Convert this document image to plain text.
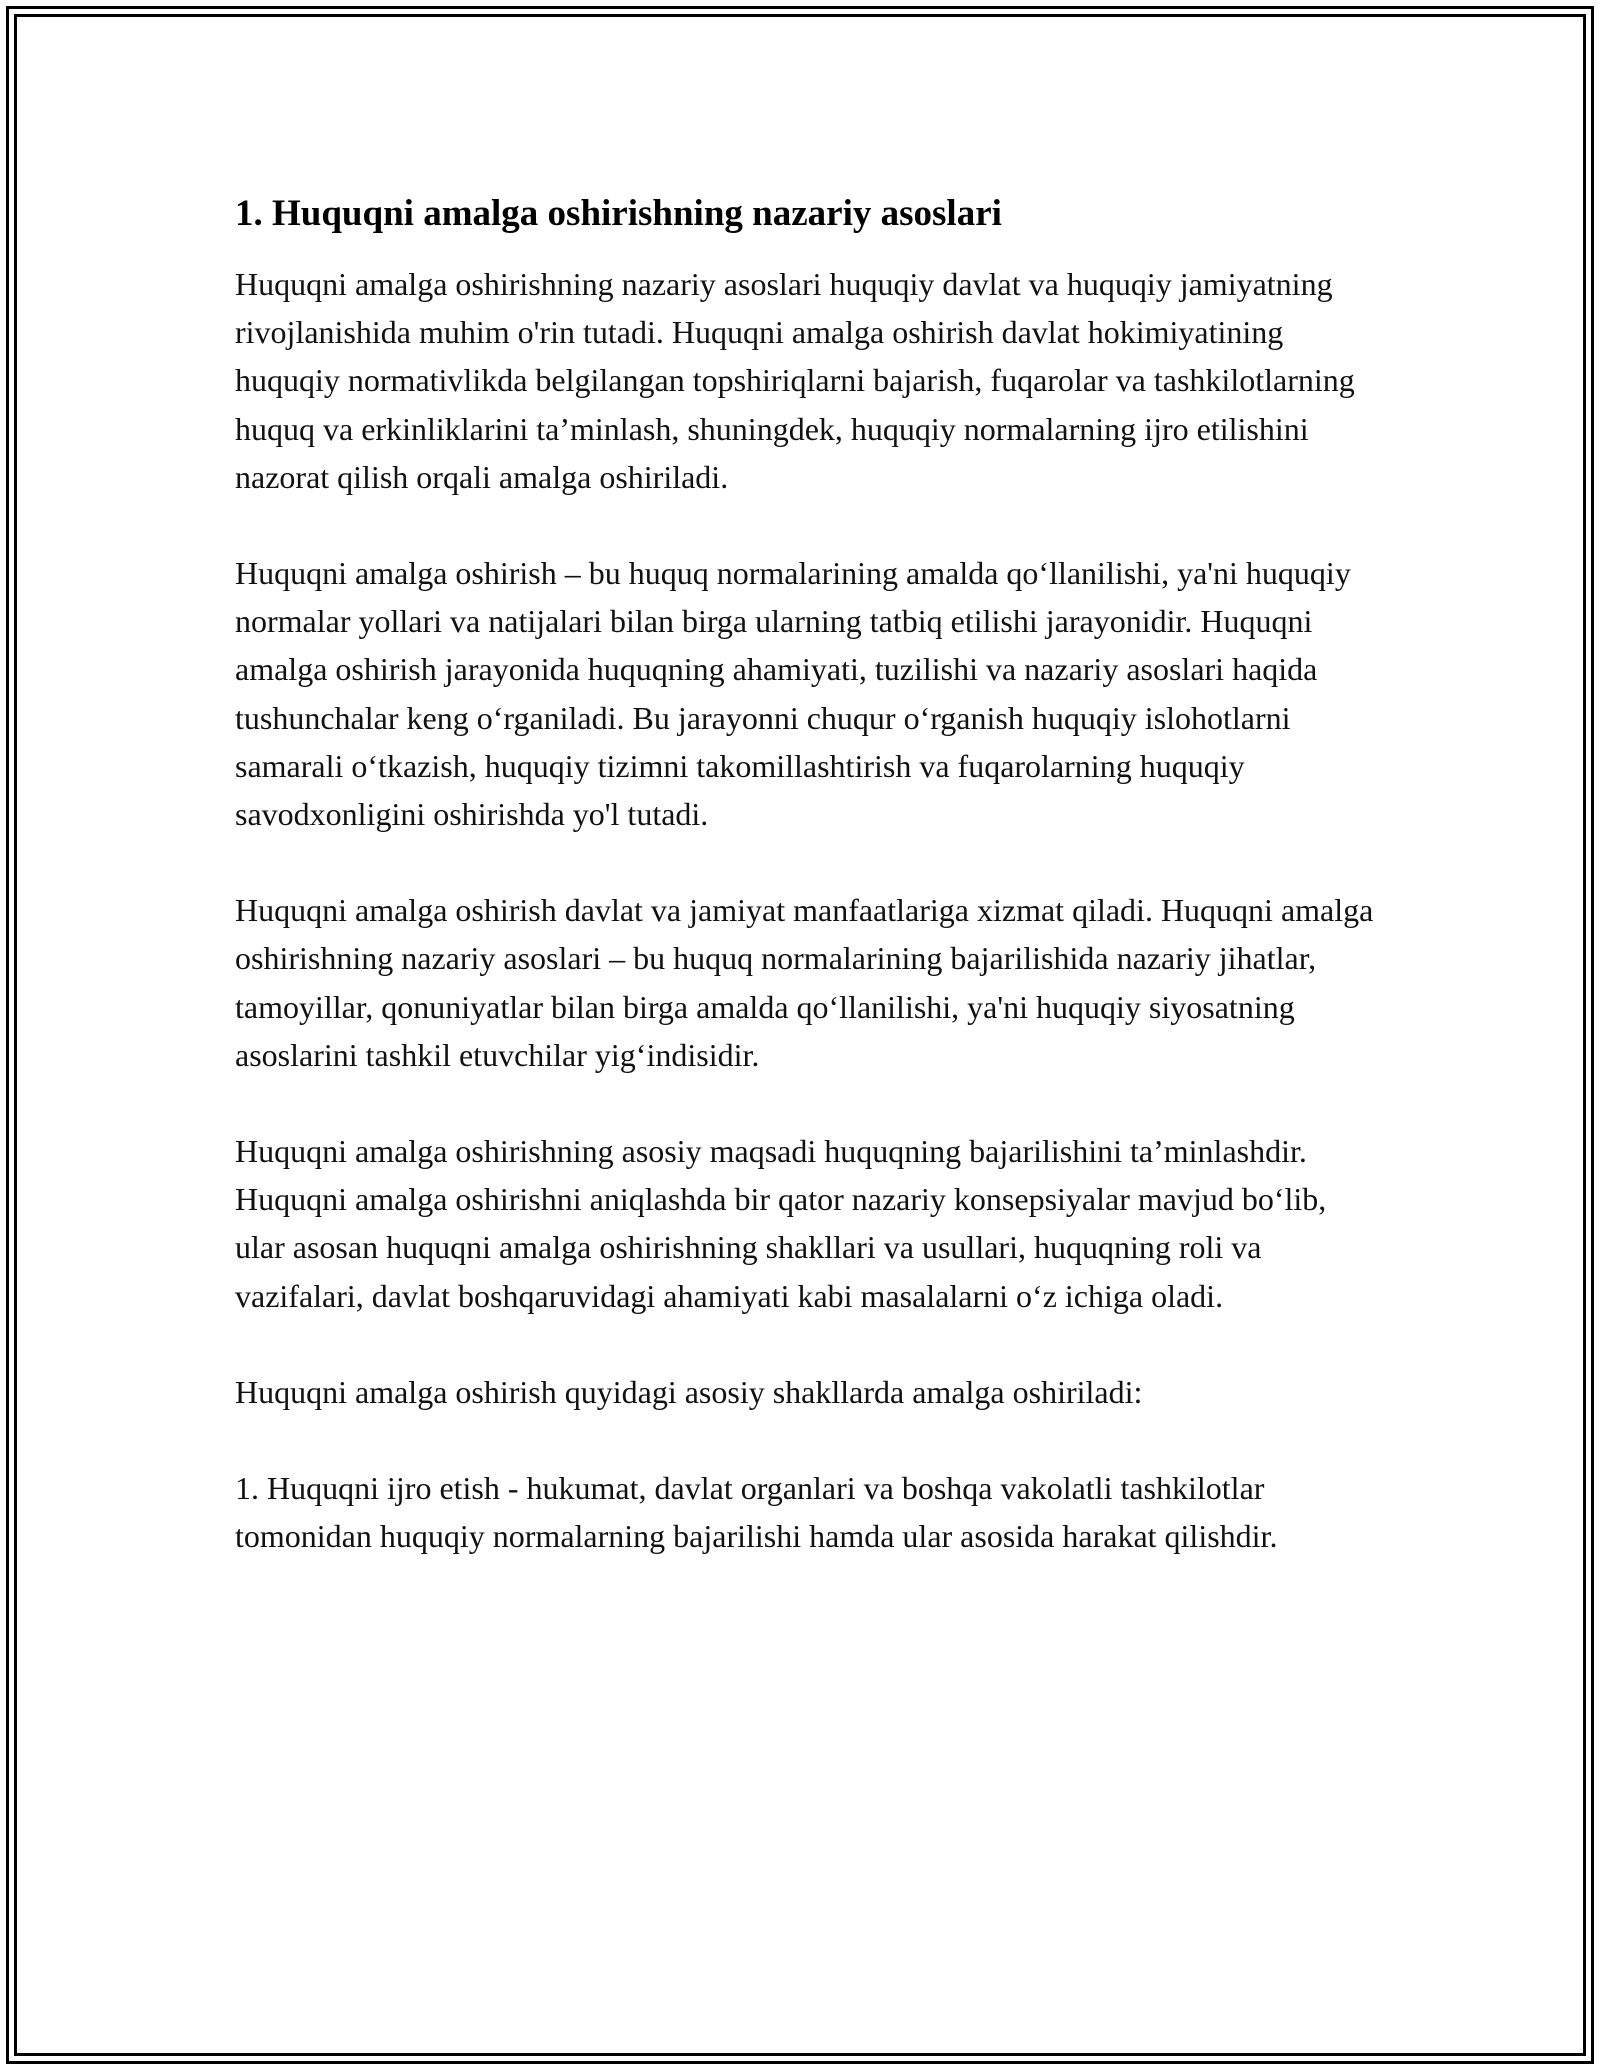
1. Huquqni amalga oshirishning nazariy asoslari

Huquqni amalga oshirishning nazariy asoslari huquqiy davlat va huquqiy jamiyatning rivojlanishida muhim o'rin tutadi. Huquqni amalga oshirish davlat hokimiyatining huquqiy normativlikda belgilangan topshiriqlarni bajarish, fuqarolar va tashkilotlarning huquq va erkinliklarini ta’minlash, shuningdek, huquqiy normalarning ijro etilishini nazorat qilish orqali amalga oshiriladi.

Huquqni amalga oshirish – bu huquq normalarining amalda qo‘llanilishi, ya'ni huquqiy normalar yollari va natijalari bilan birga ularning tatbiq etilishi jarayonidir. Huquqni amalga oshirish jarayonida huquqning ahamiyati, tuzilishi va nazariy asoslari haqida tushunchalar keng o‘rganiladi. Bu jarayonni chuqur o‘rganish huquqiy islohotlarni samarali o‘tkazish, huquqiy tizimni takomillashtirish va fuqarolarning huquqiy savodxonligini oshirishda yo'l tutadi.

Huquqni amalga oshirish davlat va jamiyat manfaatlariga xizmat qiladi. Huquqni amalga oshirishning nazariy asoslari – bu huquq normalarining bajarilishida nazariy jihatlar, tamoyillar, qonuniyatlar bilan birga amalda qo‘llanilishi, ya'ni huquqiy siyosatning asoslarini tashkil etuvchilar yig‘indisidir.

Huquqni amalga oshirishning asosiy maqsadi huquqning bajarilishini ta’minlashdir. Huquqni amalga oshirishni aniqlashda bir qator nazariy konsepsiyalar mavjud bo‘lib, ular asosan huquqni amalga oshirishning shakllari va usullari, huquqning roli va vazifalari, davlat boshqaruvidagi ahamiyati kabi masalalarni o‘z ichiga oladi.

Huquqni amalga oshirish quyidagi asosiy shakllarda amalga oshiriladi:

1. Huquqni ijro etish - hukumat, davlat organlari va boshqa vakolatli tashkilotlar tomonidan huquqiy normalarning bajarilishi hamda ular asosida harakat qilishdir.
